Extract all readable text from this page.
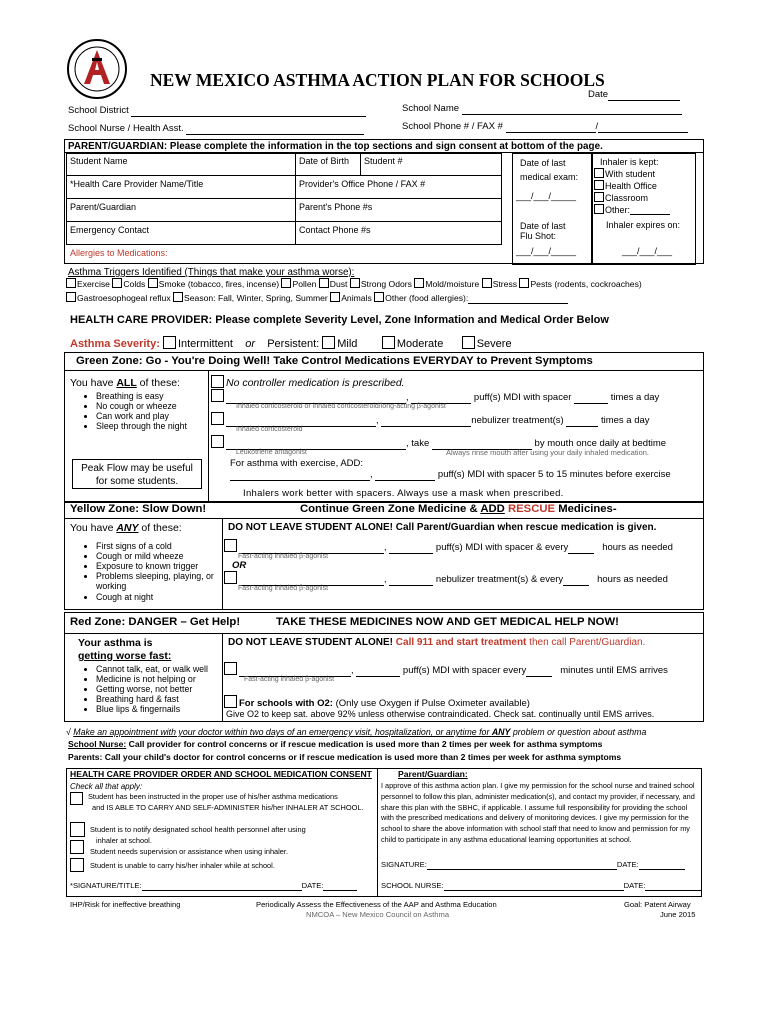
NEW MEXICO ASTHMA ACTION PLAN FOR SCHOOLS
Date
School District	School Name
School Nurse / Health Asst.	School Phone # / FAX #	/
PARENT/GUARDIAN: Please complete the information in the top sections and sign consent at bottom of the page.
Student Name	Date of Birth Student #
*Health Care Provider Name/Title	Provider's Office Phone / FAX #
Parent/Guardian	Parent's Phone #s
Emergency Contact	Contact Phone #s
Allergies to Medications:
Date of last medical exam:
___/___/_____
Date of last Flu Shot:
___/___/_____
Inhaler is kept:
With student
Health Office
Classroom
Other:
Inhaler expires on:
___/___/___
Asthma Triggers Identified (Things that make your asthma worse):
Exercise Colds Smoke (tobacco, fires, incense) Pollen Dust Strong Odors Mold/moisture Stress Pests (rodents, cockroaches)
Gastroesophogeal reflux Season: Fall, Winter, Spring, Summer Animals Other (food allergies):
HEALTH CARE PROVIDER: Please complete Severity Level, Zone Information and Medical Order Below
Asthma Severity: Intermittent or Persistent: Mild	Moderate	Severe
Green Zone: Go - You're Doing Well! Take Control Medications EVERYDAY to Prevent Symptoms
You have ALL of these:
• Breathing is easy
• No cough or wheeze
• Can work and play
• Sleep through the night
Peak Flow may be useful for some students.
No controller medication is prescribed.
,	puff(s) MDI with spacer	times a day
Inhaled corticosteroid or inhaled corticosteroid/long-acting β-agonist
,	nebulizer treatment(s)	times a day
Inhaled corticosteroid
, take	by mouth once daily at bedtime
Leukotriene antagonist	Always rinse mouth after using your daily inhaled medication.
For asthma with exercise, ADD:
,	puff(s) MDI with spacer 5 to 15 minutes before exercise
Inhalers work better with spacers. Always use a mask when prescribed.
Yellow Zone: Slow Down!	Continue Green Zone Medicine & ADD RESCUE Medicines-
You have ANY of these:
• First signs of a cold
• Cough or mild wheeze
• Exposure to known trigger
• Problems sleeping, playing, or working
• Cough at night
DO NOT LEAVE STUDENT ALONE! Call Parent/Guardian when rescue medication is given.
,	puff(s) MDI with spacer & every	hours as needed
Fast-acting inhaled β-agonist
OR
,	nebulizer treatment(s) & every	hours as needed
Fast-acting inhaled β-agonist
Red Zone: DANGER – Get Help!	TAKE THESE MEDICINES NOW AND GET MEDICAL HELP NOW!
Your asthma is
getting worse fast:
• Cannot talk, eat, or walk well
• Medicine is not helping or
• Getting worse, not better
• Breathing hard & fast
• Blue lips & fingernails
DO NOT LEAVE STUDENT ALONE! Call 911 and start treatment then call Parent/Guardian.
,	puff(s) MDI with spacer every	minutes until EMS arrives
Fast-acting inhaled β-agonist
For schools with O2: (Only use Oxygen if Pulse Oximeter available)
Give O2 to keep sat. above 92% unless otherwise contraindicated. Check sat. continually until EMS arrives.
√ Make an appointment with your doctor within two days of an emergency visit, hospitalization, or anytime for ANY problem or question about asthma
School Nurse: Call provider for control concerns or if rescue medication is used more than 2 times per week for asthma symptoms
Parents: Call your child's doctor for control concerns or if rescue medication is used more than 2 times per week for asthma symptoms
HEALTH CARE PROVIDER ORDER AND SCHOOL MEDICATION CONSENT
Check all that apply:
Student has been instructed in the proper use of his/her asthma medications
and IS ABLE TO CARRY AND SELF-ADMINISTER his/her INHALER AT SCHOOL.
Student is to notify designated school health personnel after using
inhaler at school.
Student needs supervision or assistance when using inhaler.
Student is unable to carry his/her inhaler while at school.
*SIGNATURE/TITLE:	DATE:
Parent/Guardian:
I approve of this asthma action plan. I give my permission for the school nurse and trained school personnel to follow this plan, administer medication(s), and contact my provider, if necessary, and share this plan with the SBHC, if applicable. I assume full responsibility for providing the school with the prescribed medications and delivery of monitoring devices. I give my permission for the school to share the above information with school staff that need to know and permission for my child to participate in any asthma educational learning opportunities at school.
SIGNATURE:	DATE:
SCHOOL NURSE:	DATE:
IHP/Risk for ineffective breathing	Periodically Assess the Effectiveness of the AAP and Asthma Education
NMCOA – New Mexico Council on Asthma
Goal: Patent Airway
June 2015
